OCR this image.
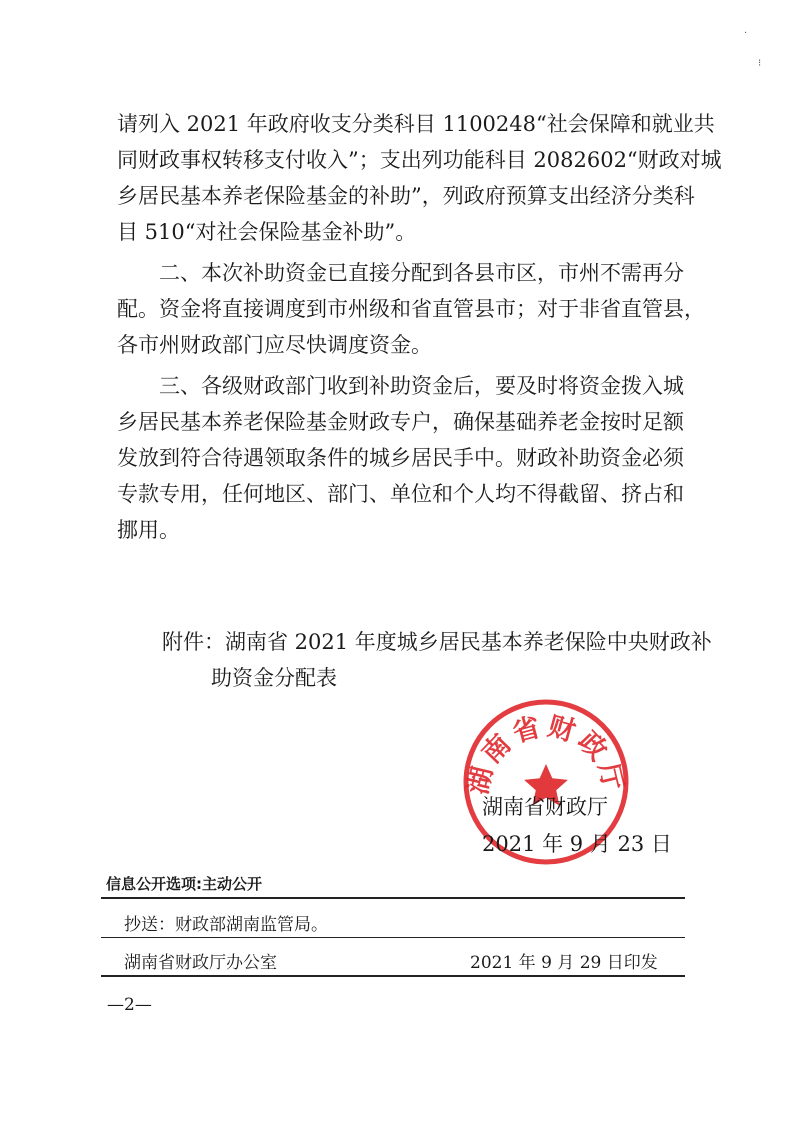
·
⁝
请列入 2021 年政府收支分类科目 1100248“社会保障和就业共
同财政事权转移支付收入”；支出列功能科目 2082602“财政对城
乡居民基本养老保险基金的补助”，列政府预算支出经济分类科
目 510“对社会保险基金补助”。
二、本次补助资金已直接分配到各县市区，市州不需再分
配。资金将直接调度到市州级和省直管县市；对于非省直管县，
各市州财政部门应尽快调度资金。
三、各级财政部门收到补助资金后，要及时将资金拨入城
乡居民基本养老保险基金财政专户，确保基础养老金按时足额
发放到符合待遇领取条件的城乡居民手中。财政补助资金必须
专款专用，任何地区、部门、单位和个人均不得截留、挤占和
挪用。
附件：湖南省 2021 年度城乡居民基本养老保险中央财政补
助资金分配表
湖南省财政厅
湖南省财政厅
2021 年 9 月 23 日
信息公开选项:主动公开
抄送：财政部湖南监管局。
湖南省财政厅办公室	2021 年 9 月 29 日印发
—2—
